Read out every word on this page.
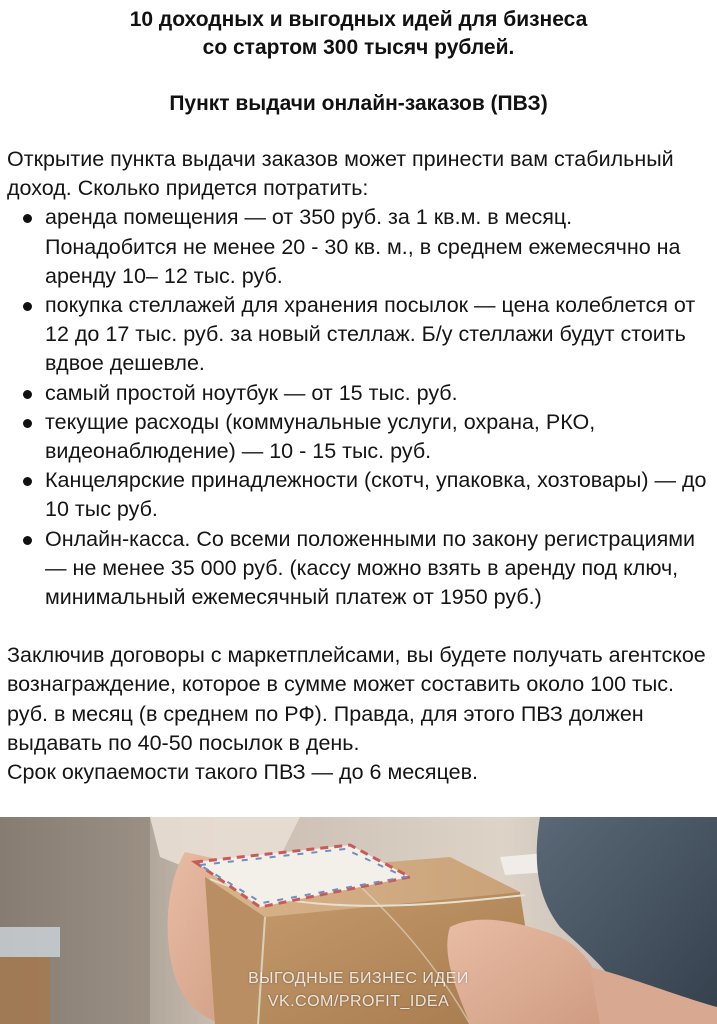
10 доходных и выгодных идей для бизнеса
со стартом 300 тысяч рублей.
Пункт выдачи онлайн-заказов (ПВЗ)

Открытие пункта выдачи заказов может принести вам стабильный доход. Сколько придется потратить:

аренда помещения — от 350 руб. за 1 кв.м. в месяц. Понадобится не менее 20 - 30 кв. м., в среднем ежемесячно на аренду 10– 12 тыс. руб.
покупка стеллажей для хранения посылок — цена колеблется от 12 до 17 тыс. руб. за новый стеллаж. Б/у стеллажи будут стоить вдвое дешевле.
самый простой ноутбук — от 15 тыс. руб.
текущие расходы (коммунальные услуги, охрана, РКО, видеонаблюдение) — 10 - 15 тыс. руб.
Канцелярские принадлежности (скотч, упаковка, хозтовары) — до 10 тыс руб.
Онлайн-касса. Со всеми положенными по закону регистрациями — не менее 35 000 руб. (кассу можно взять в аренду под ключ, минимальный ежемесячный платеж от 1950 руб.)

Заключив договоры с маркетплейсами, вы будете получать агентское вознаграждение, которое в сумме может составить около 100 тыс. руб. в месяц (в среднем по РФ). Правда, для этого ПВЗ должен выдавать по 40-50 посылок в день.

Срок окупаемости такого ПВЗ — до 6 месяцев.

ВЫГОДНЫЕ БИЗНЕС ИДЕИ
VK.COM/PROFIT_IDEA
